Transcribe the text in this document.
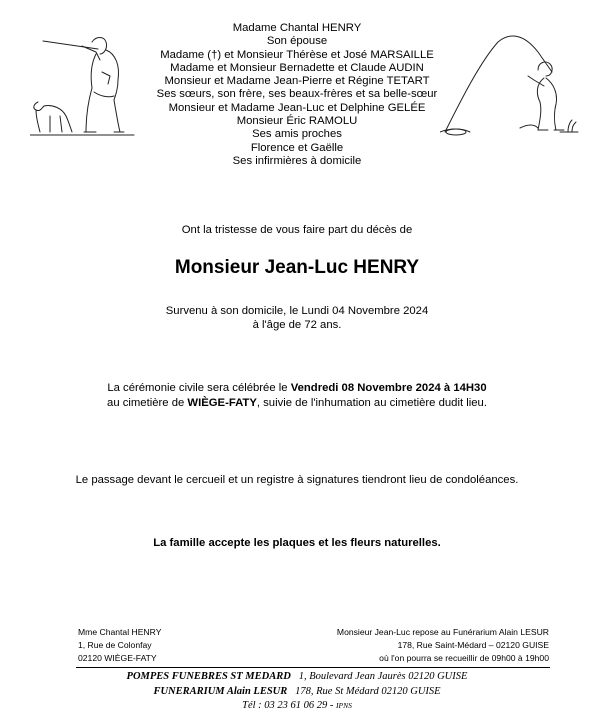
Madame Chantal HENRY
Son épouse
Madame (†) et Monsieur Thérèse et José MARSAILLE
Madame et Monsieur Bernadette et Claude AUDIN
Monsieur et Madame Jean-Pierre et Régine TETART
Ses sœurs, son frère, ses beaux-frères et sa belle-sœur
Monsieur et Madame Jean-Luc et Delphine GELÉE
Monsieur Éric RAMOLU
Ses amis proches
Florence et Gaëlle
Ses infirmières à domicile
Ont la tristesse de vous faire part du décès de
Monsieur Jean-Luc HENRY
Survenu à son domicile, le Lundi 04 Novembre 2024
à l'âge de 72 ans.
La cérémonie civile sera célébrée le Vendredi 08 Novembre 2024 à 14H30
au cimetière de WIÈGE-FATY, suivie de l'inhumation au cimetière dudit lieu.
Le passage devant le cercueil et un registre à signatures tiendront lieu de condoléances.
La famille accepte les plaques et les fleurs naturelles.
Mme Chantal HENRY
1, Rue de Colonfay
02120 WIÈGE-FATY
Monsieur Jean-Luc repose au Funérarium Alain LESUR
178, Rue Saint-Médard – 02120 GUISE
où l'on pourra se recueillir de 09h00 à 19h00
POMPES FUNEBRES ST MEDARD   1, Boulevard Jean Jaurès 02120 GUISE
FUNERARIUM Alain LESUR   178, Rue St Médard 02120 GUISE
Tél : 03 23 61 06 29 - IPNS
